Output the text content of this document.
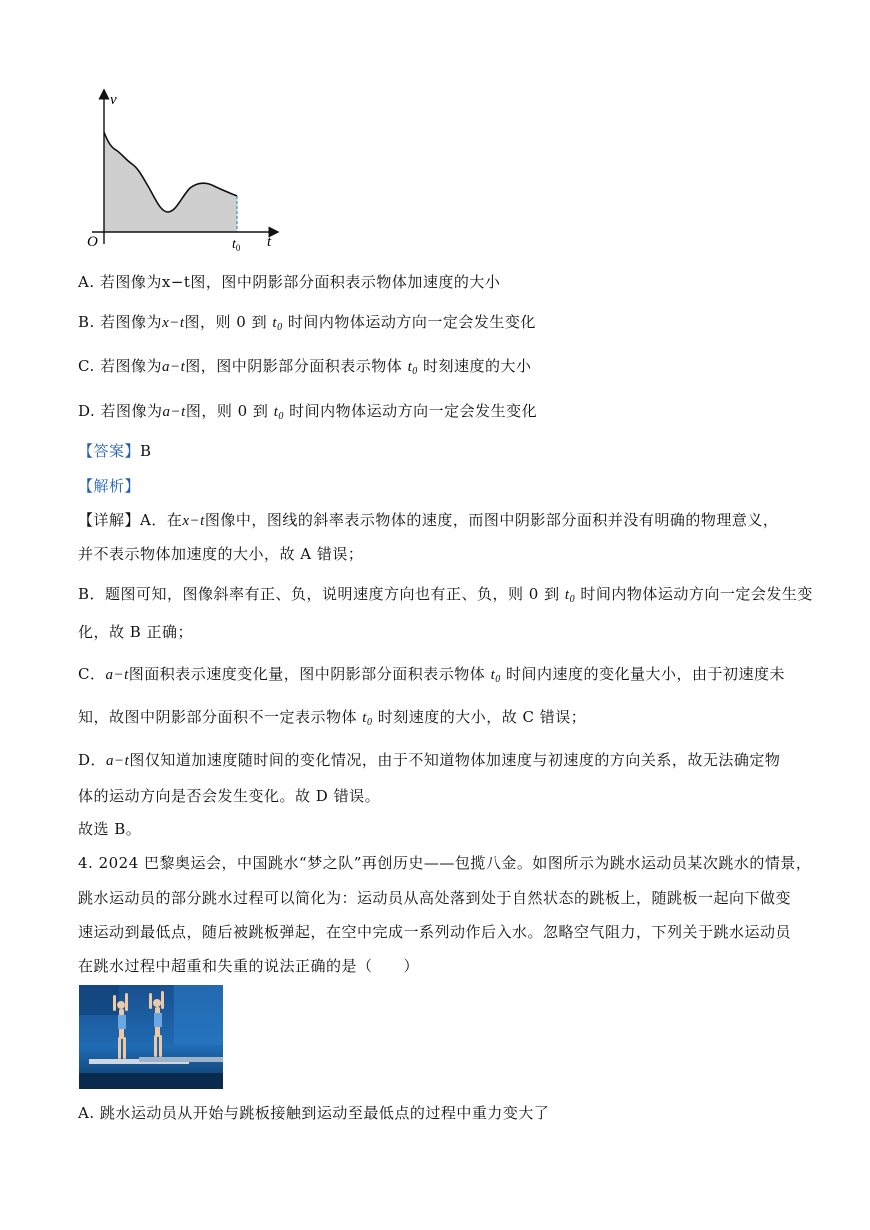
v
t
O	$t_0$
A. 若图像为x−t图，图中阴影部分面积表示物体加速度的大小
B. 若图像为x−t图，则 0 到 $t_0$ 时间内物体运动方向一定会发生变化
C. 若图像为a−t图，图中阴影部分面积表示物体 $t_0$ 时刻速度的大小
D. 若图像为a−t图，则 0 到 $t_0$ 时间内物体运动方向一定会发生变化
【答案】B
【解析】
【详解】A．在x−t图像中，图线的斜率表示物体的速度，而图中阴影部分面积并没有明确的物理意义，
并不表示物体加速度的大小，故 A 错误；
B．题图可知，图像斜率有正、负，说明速度方向也有正、负，则 0 到 $t_0$ 时间内物体运动方向一定会发生变
化，故 B 正确；
C．a−t图面积表示速度变化量，图中阴影部分面积表示物体 $t_0$ 时间内速度的变化量大小，由于初速度未
知，故图中阴影部分面积不一定表示物体 $t_0$ 时刻速度的大小，故 C 错误；
D．a−t图仅知道加速度随时间的变化情况，由于不知道物体加速度与初速度的方向关系，故无法确定物
体的运动方向是否会发生变化。故 D 错误。
故选 B。
4. 2024 巴黎奥运会，中国跳水“梦之队”再创历史——包揽八金。如图所示为跳水运动员某次跳水的情景，
跳水运动员的部分跳水过程可以简化为：运动员从高处落到处于自然状态的跳板上，随跳板一起向下做变
速运动到最低点，随后被跳板弹起，在空中完成一系列动作后入水。忽略空气阻力，下列关于跳水运动员
在跳水过程中超重和失重的说法正确的是（　　）
A. 跳水运动员从开始与跳板接触到运动至最低点的过程中重力变大了
